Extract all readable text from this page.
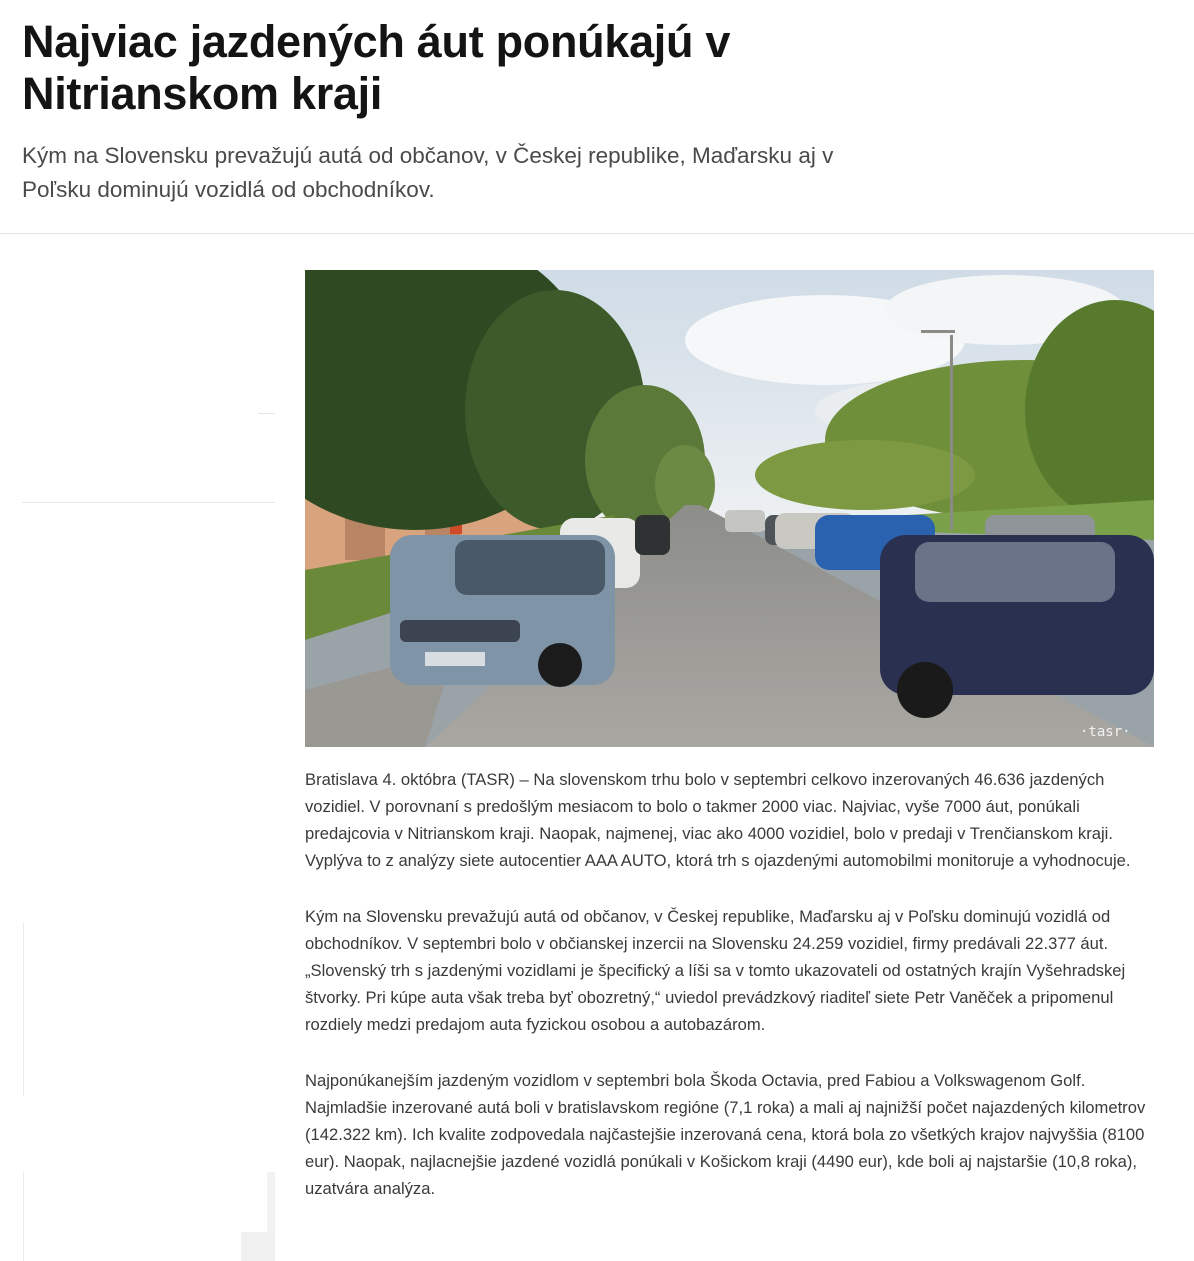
Najviac jazdených áut ponúkajú v Nitrianskom kraji

Kým na Slovensku prevažujú autá od občanov, v Českej republike, Maďarsku aj v Poľsku dominujú vozidlá od obchodníkov.

·tasr·

Bratislava 4. októbra (TASR) – Na slovenskom trhu bolo v septembri celkovo inzerovaných 46.636 jazdených vozidiel. V porovnaní s predošlým mesiacom to bolo o takmer 2000 viac. Najviac, vyše 7000 áut, ponúkali predajcovia v Nitrianskom kraji. Naopak, najmenej, viac ako 4000 vozidiel, bolo v predaji v Trenčianskom kraji. Vyplýva to z analýzy siete autocentier AAA AUTO, ktorá trh s ojazdenými automobilmi monitoruje a vyhodnocuje.

Kým na Slovensku prevažujú autá od občanov, v Českej republike, Maďarsku aj v Poľsku dominujú vozidlá od obchodníkov. V septembri bolo v občianskej inzercii na Slovensku 24.259 vozidiel, firmy predávali 22.377 áut. „Slovenský trh s jazdenými vozidlami je špecifický a líši sa v tomto ukazovateli od ostatných krajín Vyšehradskej štvorky. Pri kúpe auta však treba byť obozretný,“ uviedol prevádzkový riaditeľ siete Petr Vaněček a pripomenul rozdiely medzi predajom auta fyzickou osobou a autobazárom.

Najponúkanejším jazdeným vozidlom v septembri bola Škoda Octavia, pred Fabiou a Volkswagenom Golf. Najmladšie inzerované autá boli v bratislavskom regióne (7,1 roka) a mali aj najnižší počet najazdených kilometrov (142.322 km). Ich kvalite zodpovedala najčastejšie inzerovaná cena, ktorá bola zo všetkých krajov najvyššia (8100 eur). Naopak, najlacnejšie jazdené vozidlá ponúkali v Košickom kraji (4490 eur), kde boli aj najstaršie (10,8 roka), uzatvára analýza.
